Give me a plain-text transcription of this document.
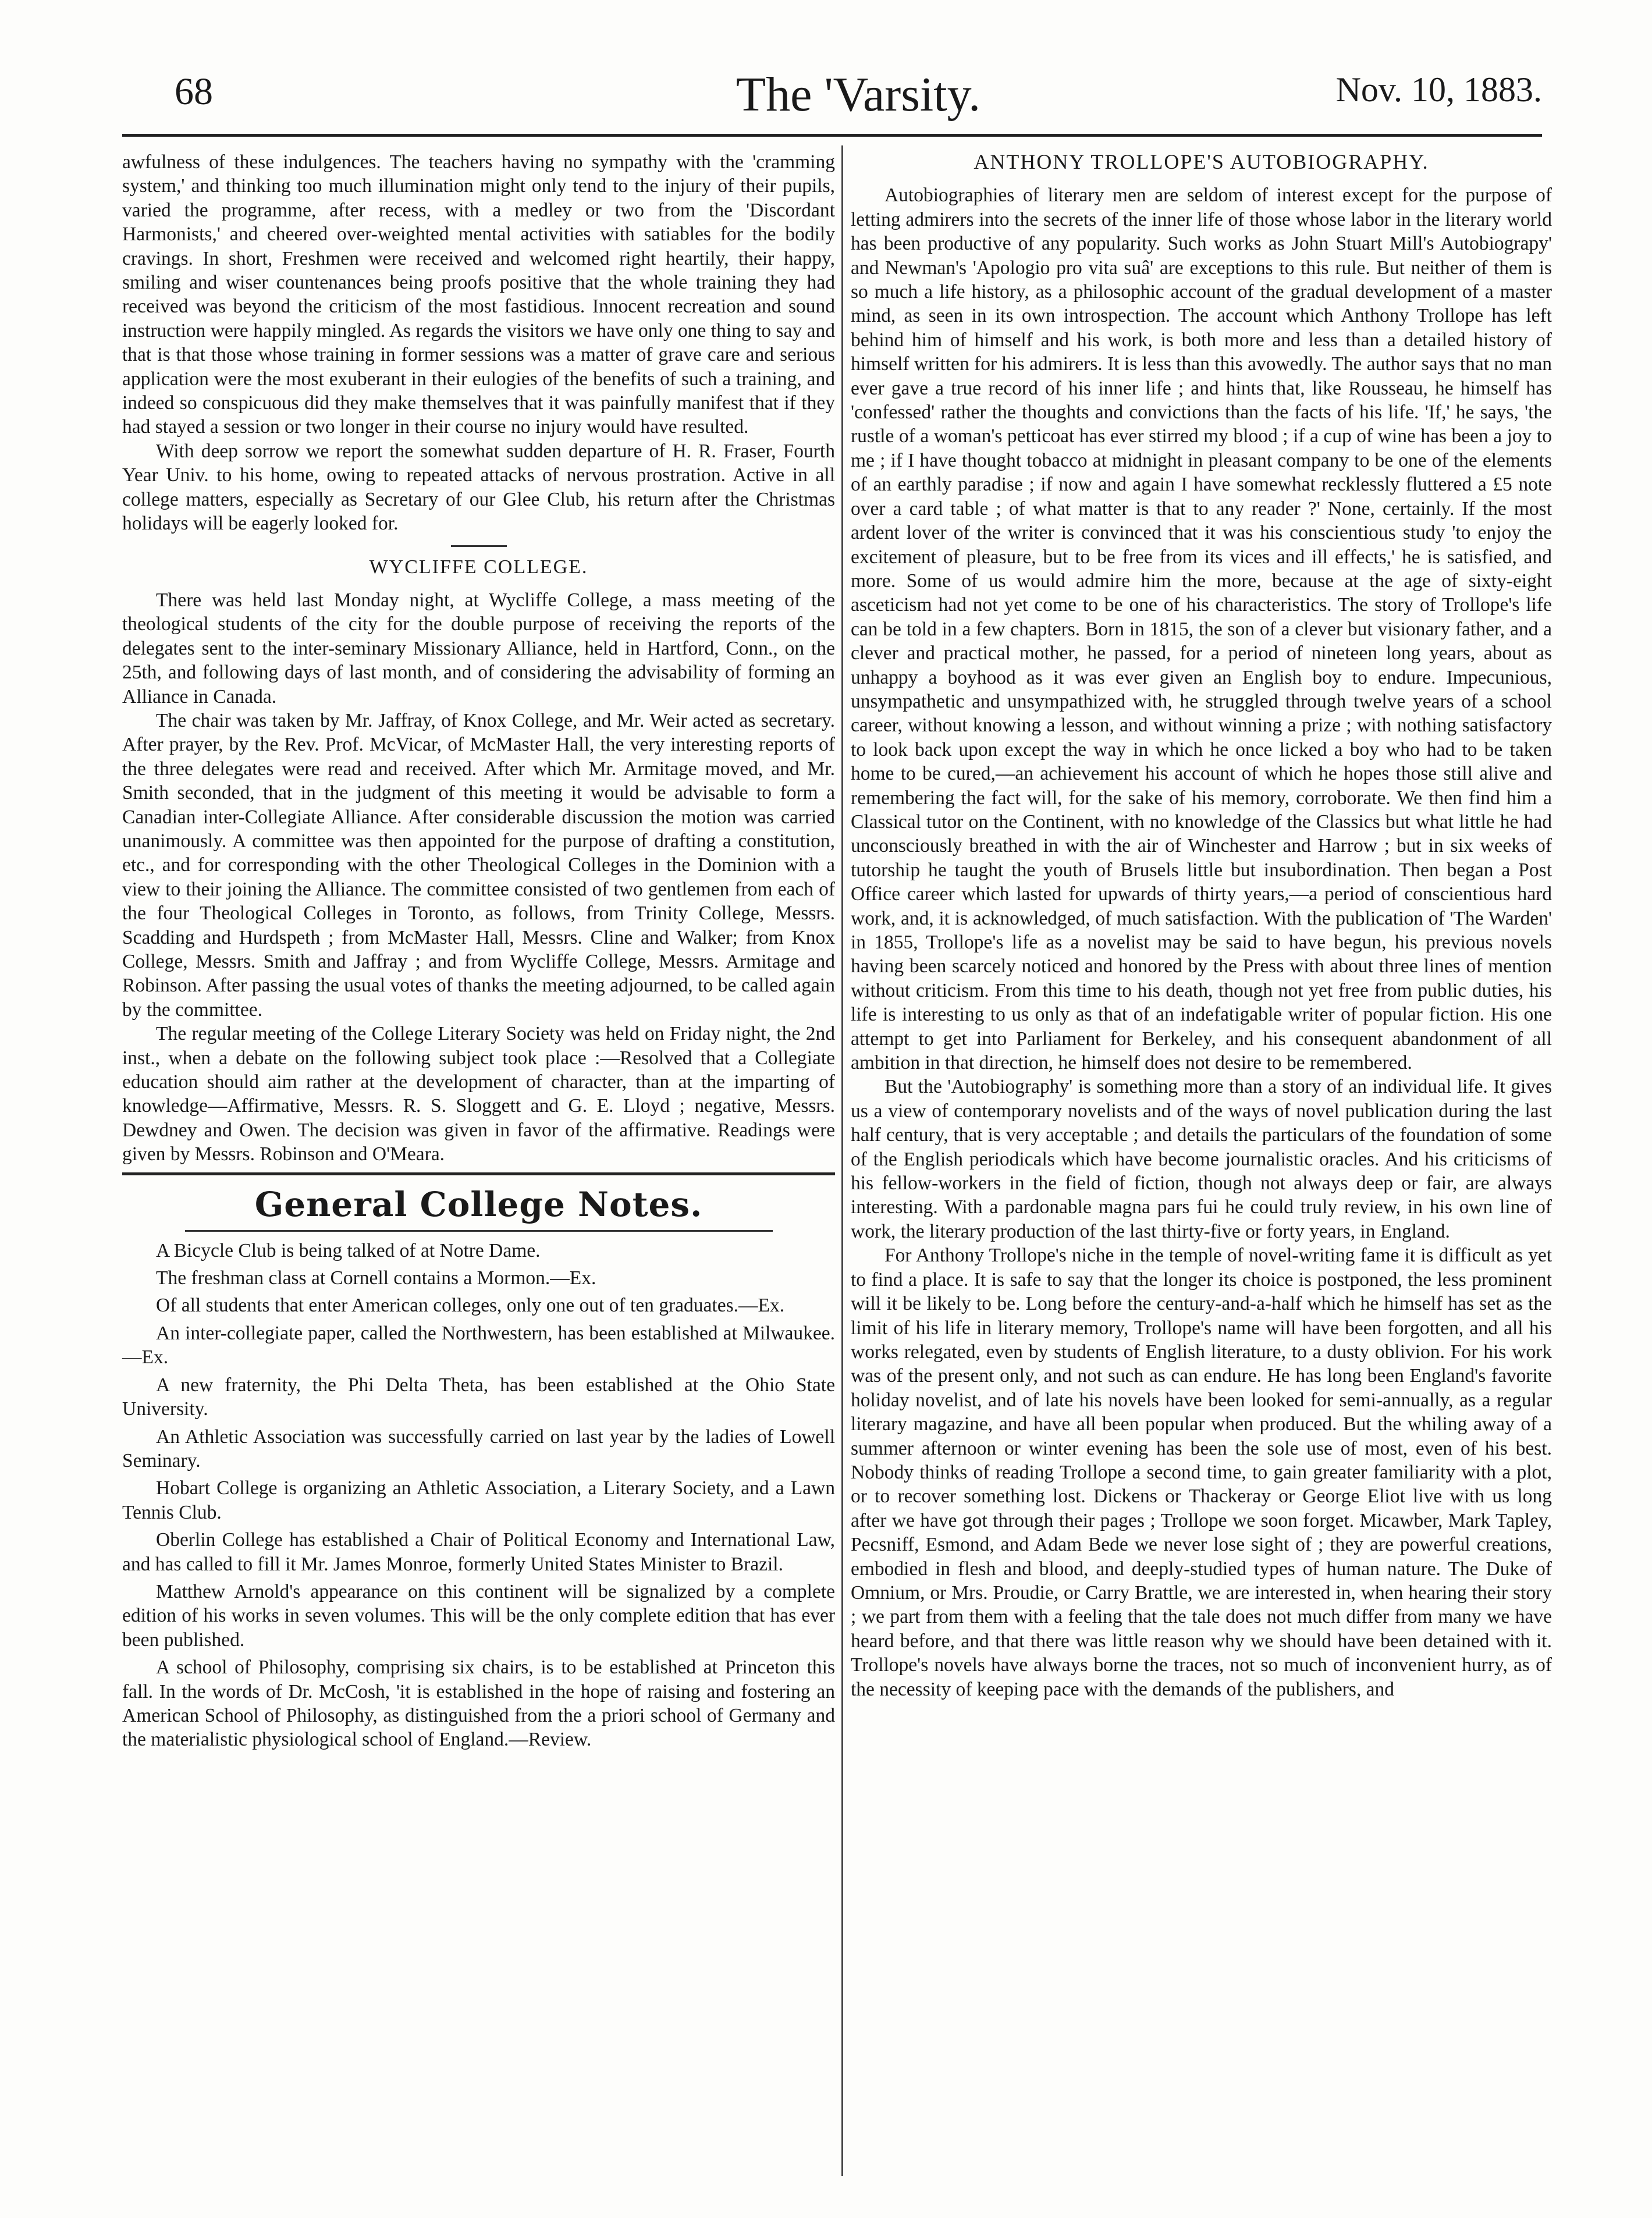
68	The 'Varsity.	Nov. 10, 1883.

awfulness of these indulgences. The teachers having no sympathy with the 'cramming system,' and thinking too much illumination might only tend to the injury of their pupils, varied the programme, after recess, with a medley or two from the 'Discordant Harmonists,' and cheered over-weighted mental activities with satiables for the bodily cravings. In short, Freshmen were received and welcomed right heartily, their happy, smiling and wiser countenances being proofs positive that the whole training they had received was beyond the criticism of the most fastidious. Innocent recreation and sound instruction were happily mingled. As regards the visitors we have only one thing to say and that is that those whose training in former sessions was a matter of grave care and serious application were the most exuberant in their eulogies of the benefits of such a training, and indeed so conspicuous did they make themselves that it was painfully manifest that if they had stayed a session or two longer in their course no injury would have resulted.

With deep sorrow we report the somewhat sudden departure of H. R. Fraser, Fourth Year Univ. to his home, owing to repeated attacks of nervous prostration. Active in all college matters, especially as Secretary of our Glee Club, his return after the Christmas holidays will be eagerly looked for.

WYCLIFFE COLLEGE.

There was held last Monday night, at Wycliffe College, a mass meeting of the theological students of the city for the double purpose of receiving the reports of the delegates sent to the inter-seminary Missionary Alliance, held in Hartford, Conn., on the 25th, and following days of last month, and of considering the advisability of forming an Alliance in Canada.

The chair was taken by Mr. Jaffray, of Knox College, and Mr. Weir acted as secretary. After prayer, by the Rev. Prof. McVicar, of McMaster Hall, the very interesting reports of the three delegates were read and received. After which Mr. Armitage moved, and Mr. Smith seconded, that in the judgment of this meeting it would be advisable to form a Canadian inter-Collegiate Alliance. After considerable discussion the motion was carried unanimously. A committee was then appointed for the purpose of drafting a constitution, etc., and for corresponding with the other Theological Colleges in the Dominion with a view to their joining the Alliance. The committee consisted of two gentlemen from each of the four Theological Colleges in Toronto, as follows, from Trinity College, Messrs. Scadding and Hurdspeth ; from McMaster Hall, Messrs. Cline and Walker; from Knox College, Messrs. Smith and Jaffray ; and from Wycliffe College, Messrs. Armitage and Robinson. After passing the usual votes of thanks the meeting adjourned, to be called again by the committee.

The regular meeting of the College Literary Society was held on Friday night, the 2nd inst., when a debate on the following subject took place :—Resolved that a Collegiate education should aim rather at the development of character, than at the imparting of knowledge—Affirmative, Messrs. R. S. Sloggett and G. E. Lloyd ; negative, Messrs. Dewdney and Owen. The decision was given in favor of the affirmative. Readings were given by Messrs. Robinson and O'Meara.

General College Notes.

A Bicycle Club is being talked of at Notre Dame.

The freshman class at Cornell contains a Mormon.—Ex.

Of all students that enter American colleges, only one out of ten graduates.—Ex.

An inter-collegiate paper, called the Northwestern, has been established at Milwaukee.—Ex.

A new fraternity, the Phi Delta Theta, has been established at the Ohio State University.

An Athletic Association was successfully carried on last year by the ladies of Lowell Seminary.

Hobart College is organizing an Athletic Association, a Literary Society, and a Lawn Tennis Club.

Oberlin College has established a Chair of Political Economy and International Law, and has called to fill it Mr. James Monroe, formerly United States Minister to Brazil.

Matthew Arnold's appearance on this continent will be signalized by a complete edition of his works in seven volumes. This will be the only complete edition that has ever been published.

A school of Philosophy, comprising six chairs, is to be established at Princeton this fall. In the words of Dr. McCosh, 'it is established in the hope of raising and fostering an American School of Philosophy, as distinguished from the a priori school of Germany and the materialistic physiological school of England.—Review.

ANTHONY TROLLOPE'S AUTOBIOGRAPHY.

Autobiographies of literary men are seldom of interest except for the purpose of letting admirers into the secrets of the inner life of those whose labor in the literary world has been productive of any popularity. Such works as John Stuart Mill's Autobiograpy' and Newman's 'Apologio pro vita suâ' are exceptions to this rule. But neither of them is so much a life history, as a philosophic account of the gradual development of a master mind, as seen in its own introspection. The account which Anthony Trollope has left behind him of himself and his work, is both more and less than a detailed history of himself written for his admirers. It is less than this avowedly. The author says that no man ever gave a true record of his inner life ; and hints that, like Rousseau, he himself has 'confessed' rather the thoughts and convictions than the facts of his life. 'If,' he says, 'the rustle of a woman's petticoat has ever stirred my blood ; if a cup of wine has been a joy to me ; if I have thought tobacco at midnight in pleasant company to be one of the elements of an earthly paradise ; if now and again I have somewhat recklessly fluttered a £5 note over a card table ; of what matter is that to any reader ?' None, certainly. If the most ardent lover of the writer is convinced that it was his conscientious study 'to enjoy the excitement of pleasure, but to be free from its vices and ill effects,' he is satisfied, and more. Some of us would admire him the more, because at the age of sixty-eight asceticism had not yet come to be one of his characteristics. The story of Trollope's life can be told in a few chapters. Born in 1815, the son of a clever but visionary father, and a clever and practical mother, he passed, for a period of nineteen long years, about as unhappy a boyhood as it was ever given an English boy to endure. Impecunious, unsympathetic and unsympathized with, he struggled through twelve years of a school career, without knowing a lesson, and without winning a prize ; with nothing satisfactory to look back upon except the way in which he once licked a boy who had to be taken home to be cured,—an achievement his account of which he hopes those still alive and remembering the fact will, for the sake of his memory, corroborate. We then find him a Classical tutor on the Continent, with no knowledge of the Classics but what little he had unconsciously breathed in with the air of Winchester and Harrow ; but in six weeks of tutorship he taught the youth of Brusels little but insubordination. Then began a Post Office career which lasted for upwards of thirty years,—a period of conscientious hard work, and, it is acknowledged, of much satisfaction. With the publication of 'The Warden' in 1855, Trollope's life as a novelist may be said to have begun, his previous novels having been scarcely noticed and honored by the Press with about three lines of mention without criticism. From this time to his death, though not yet free from public duties, his life is interesting to us only as that of an indefatigable writer of popular fiction. His one attempt to get into Parliament for Berkeley, and his consequent abandonment of all ambition in that direction, he himself does not desire to be remembered.

But the 'Autobiography' is something more than a story of an individual life. It gives us a view of contemporary novelists and of the ways of novel publication during the last half century, that is very acceptable ; and details the particulars of the foundation of some of the English periodicals which have become journalistic oracles. And his criticisms of his fellow-workers in the field of fiction, though not always deep or fair, are always interesting. With a pardonable magna pars fui he could truly review, in his own line of work, the literary production of the last thirty-five or forty years, in England.

For Anthony Trollope's niche in the temple of novel-writing fame it is difficult as yet to find a place. It is safe to say that the longer its choice is postponed, the less prominent will it be likely to be. Long before the century-and-a-half which he himself has set as the limit of his life in literary memory, Trollope's name will have been forgotten, and all his works relegated, even by students of English literature, to a dusty oblivion. For his work was of the present only, and not such as can endure. He has long been England's favorite holiday novelist, and of late his novels have been looked for semi-annually, as a regular literary magazine, and have all been popular when produced. But the whiling away of a summer afternoon or winter evening has been the sole use of most, even of his best. Nobody thinks of reading Trollope a second time, to gain greater familiarity with a plot, or to recover something lost. Dickens or Thackeray or George Eliot live with us long after we have got through their pages ; Trollope we soon forget. Micawber, Mark Tapley, Pecsniff, Esmond, and Adam Bede we never lose sight of ; they are powerful creations, embodied in flesh and blood, and deeply-studied types of human nature. The Duke of Omnium, or Mrs. Proudie, or Carry Brattle, we are interested in, when hearing their story ; we part from them with a feeling that the tale does not much differ from many we have heard before, and that there was little reason why we should have been detained with it. Trollope's novels have always borne the traces, not so much of inconvenient hurry, as of the necessity of keeping pace with the demands of the publishers, and
